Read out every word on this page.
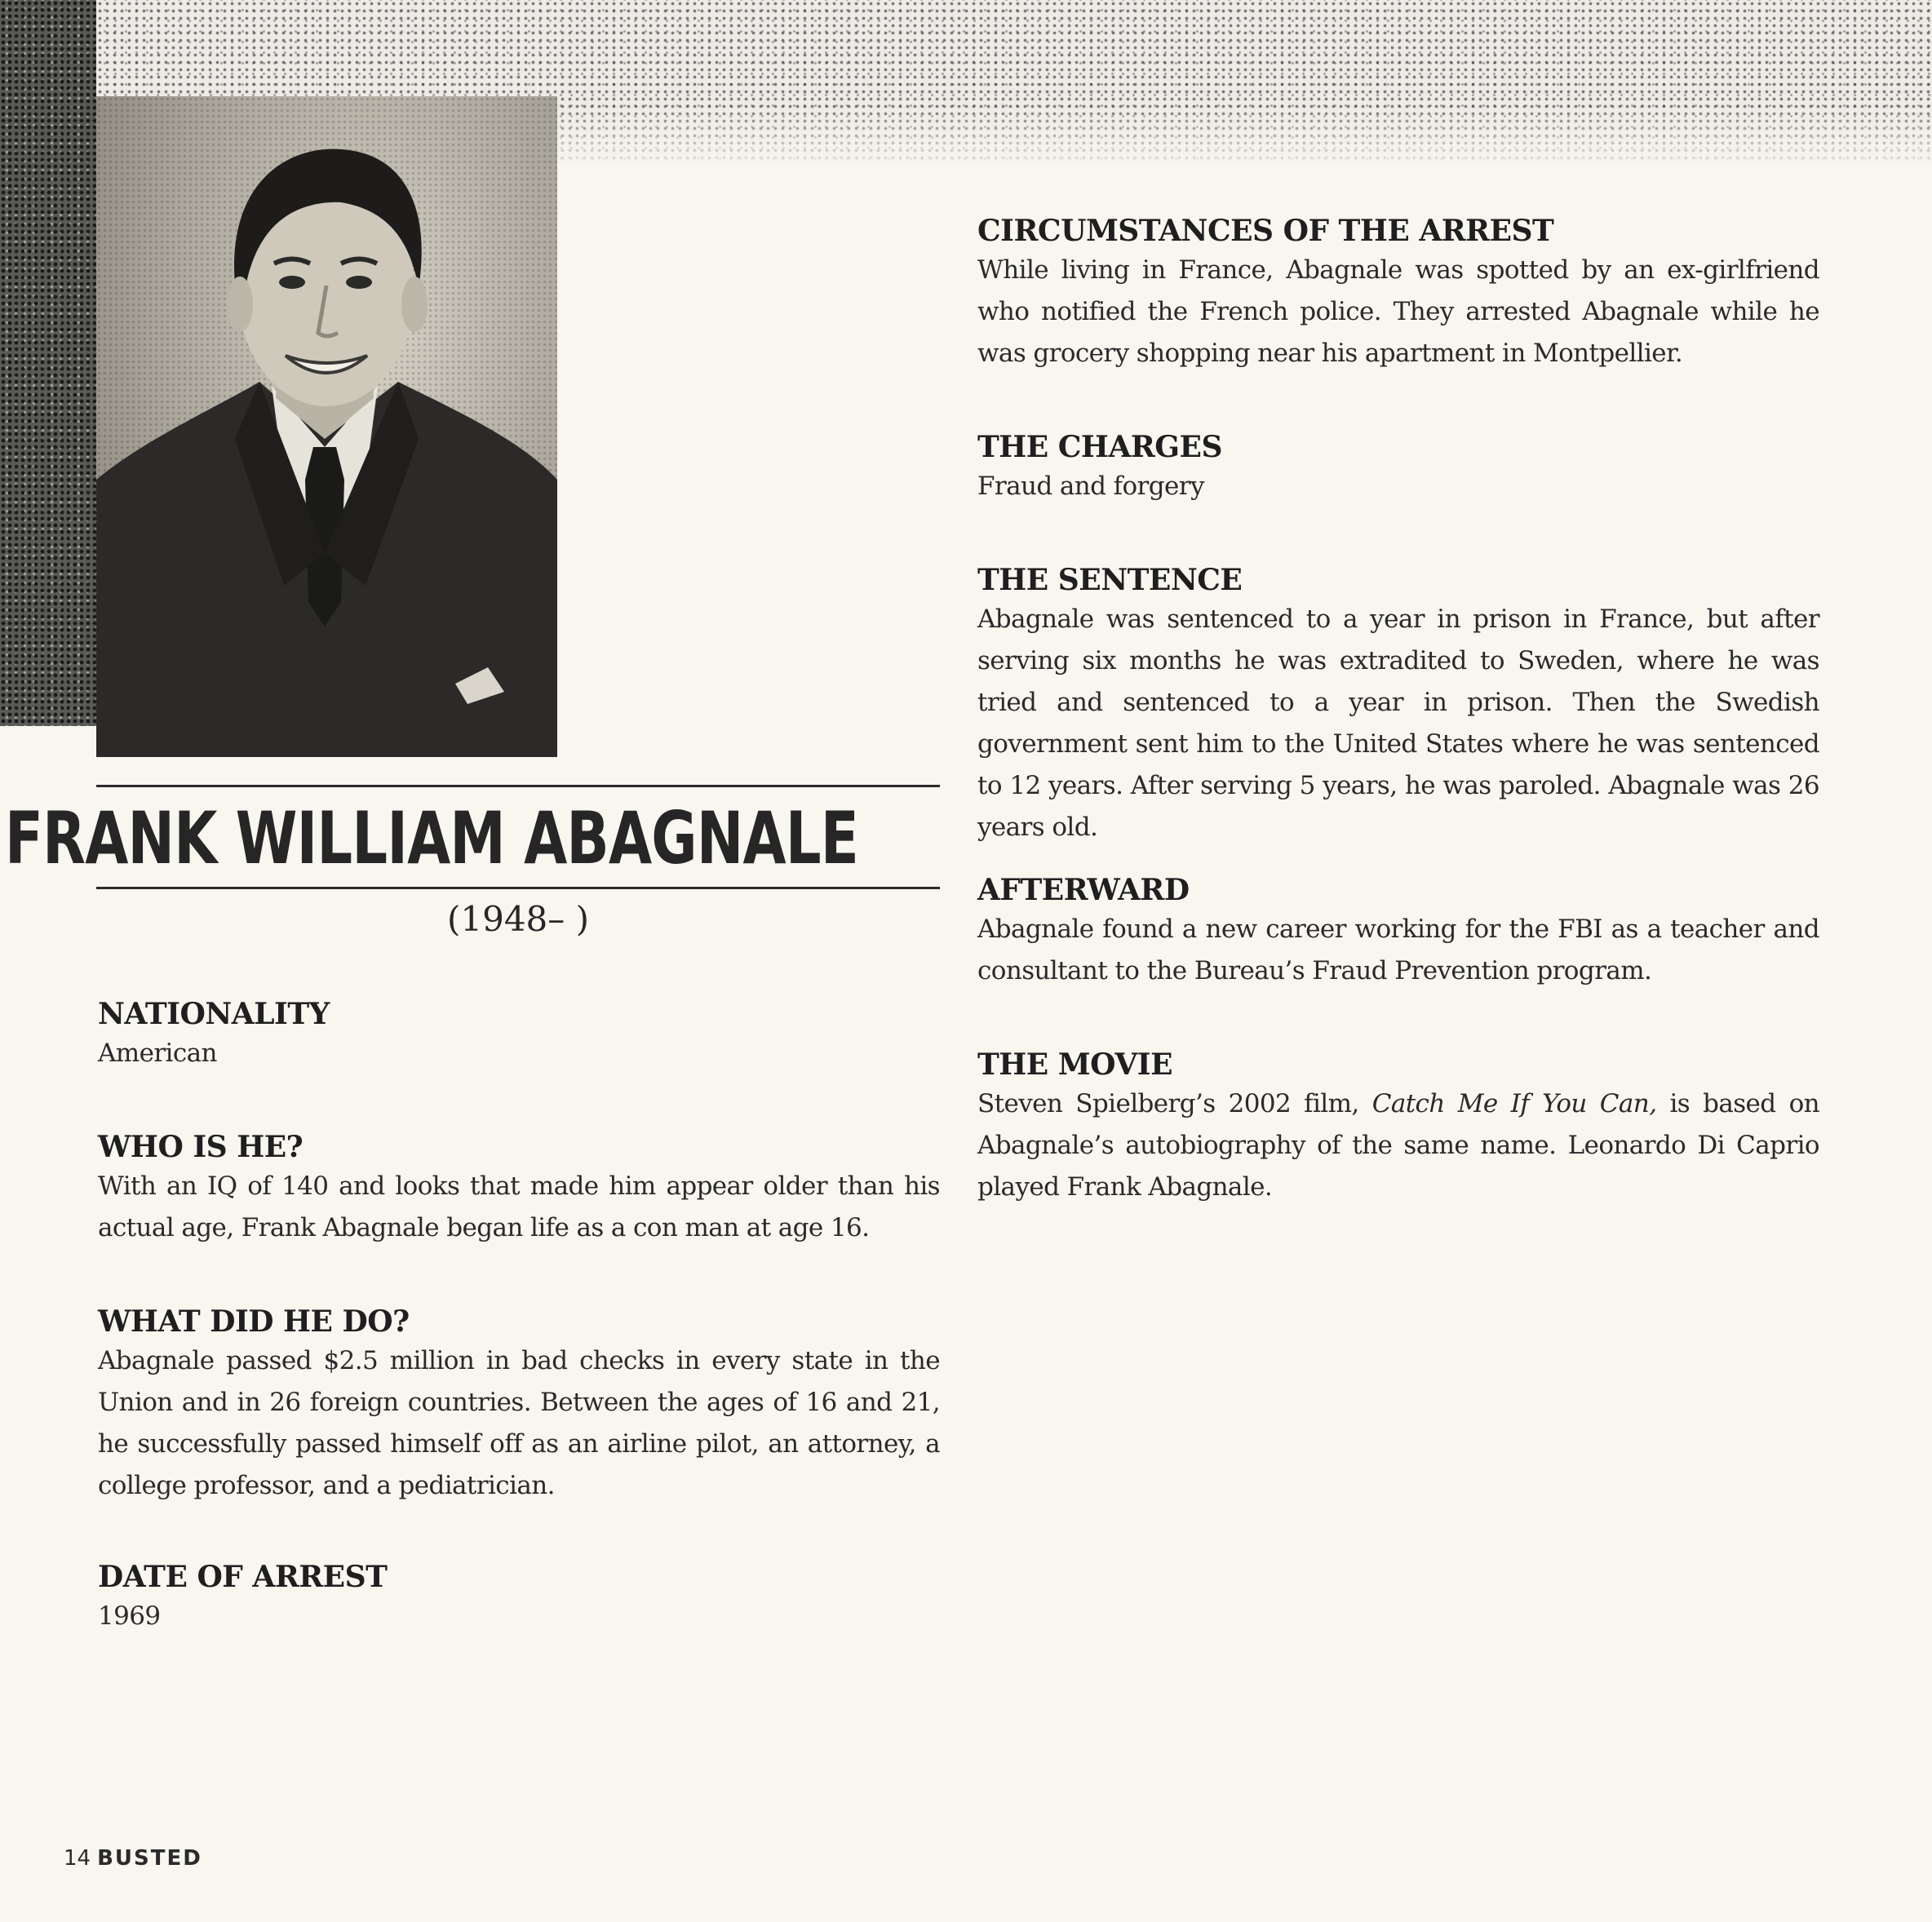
FRANK WILLIAM ABAGNALE
(1948– )
NATIONALITY

American

WHO IS HE?

With an IQ of 140 and looks that made him appear older than his actual age, Frank Abagnale began life as a con man at age 16.

WHAT DID HE DO?

Abagnale passed $2.5 million in bad checks in every state in the Union and in 26 foreign countries. Between the ages of 16 and 21, he successfully passed himself off as an airline pilot, an attorney, a college professor, and a pediatrician.

DATE OF ARREST

1969

CIRCUMSTANCES OF THE ARREST

While living in France, Abagnale was spotted by an ex-girlfriend who notified the French police. They arrested Abagnale while he was grocery shopping near his apartment in Montpellier.

THE CHARGES

Fraud and forgery

THE SENTENCE

Abagnale was sentenced to a year in prison in France, but after serving six months he was extradited to Sweden, where he was tried and sentenced to a year in prison. Then the Swedish government sent him to the United States where he was sentenced to 12 years. After serving 5 years, he was paroled. Abagnale was 26 years old.

AFTERWARD

Abagnale found a new career working for the FBI as a teacher and consultant to the Bureau’s Fraud Prevention program.

THE MOVIE

Steven Spielberg’s 2002 film, Catch Me If You Can, is based on Abagnale’s autobiography of the same name. Leonardo Di Caprio played Frank Abagnale.

14 BUSTED
